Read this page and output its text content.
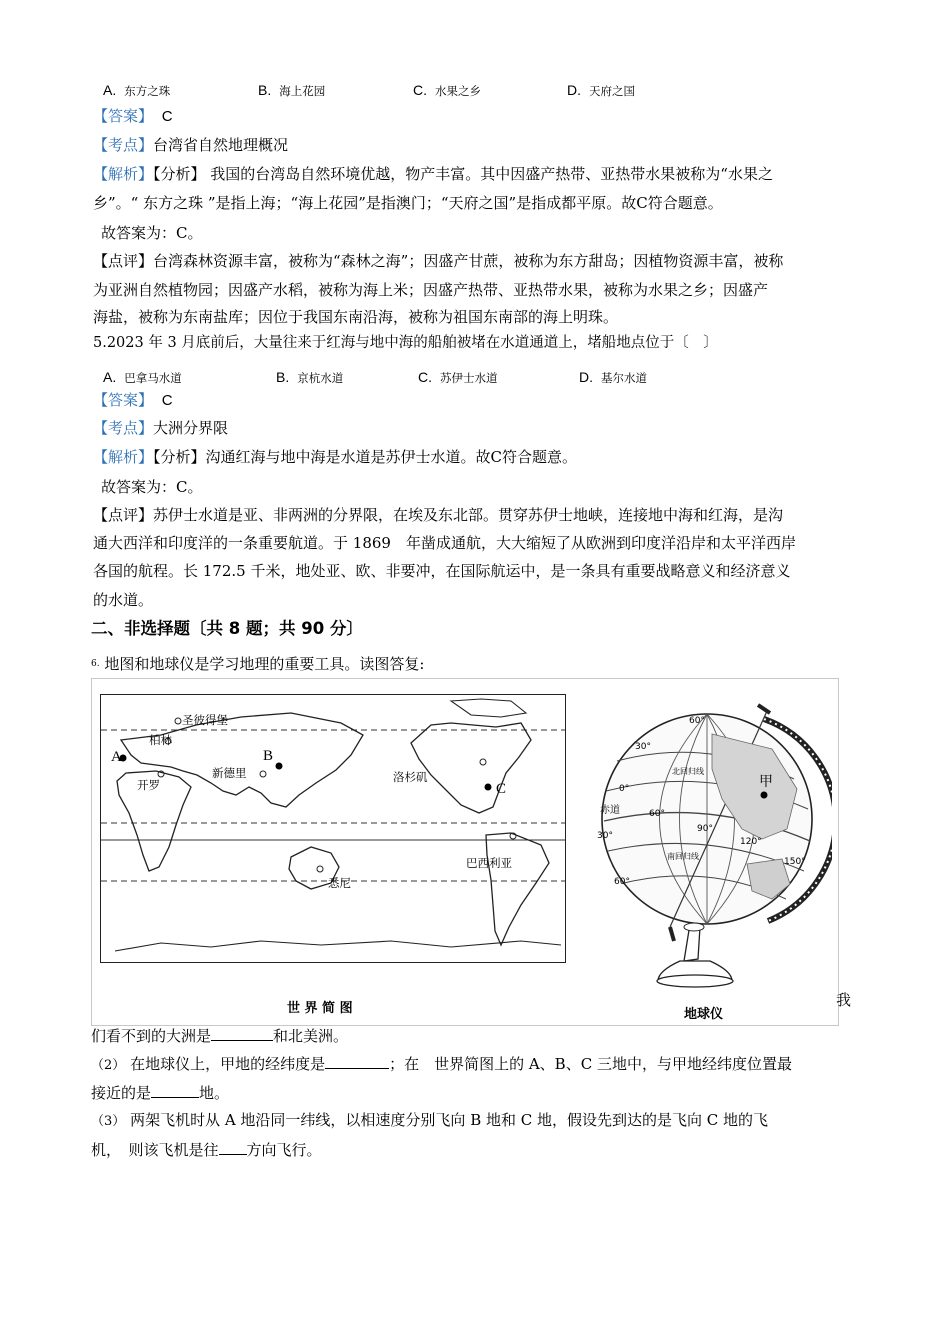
A. 东方之珠	B. 海上花园	C. 水果之乡	D. 天府之国
【答案】 C
【考点】台湾省自然地理概况
【解析】【分析】 我国的台湾岛自然环境优越，物产丰富。其中因盛产热带、亚热带水果被称为“水果之
乡”。“ 东方之珠 ”是指上海；“海上花园”是指澳门；“天府之国”是指成都平原。故C符合题意。
故答案为：C。
【点评】台湾森林资源丰富，被称为“森林之海”；因盛产甘蔗，被称为东方甜岛；因植物资源丰富，被称
为亚洲自然植物园；因盛产水稻，被称为海上米；因盛产热带、亚热带水果，被称为水果之乡；因盛产
海盐，被称为东南盐库；因位于我国东南沿海，被称为祖国东南部的海上明珠。
5.2023 年 3 月底前后，大量往来于红海与地中海的船舶被堵在水道通道上，堵船地点位于〔　〕
A. 巴拿马水道	B. 京杭水道	C. 苏伊士水道	D. 基尔水道
【答案】 C
【考点】大洲分界限
【解析】【分析】沟通红海与地中海是水道是苏伊士水道。故C符合题意。
故答案为：C。
【点评】苏伊士水道是亚、非两洲的分界限，在埃及东北部。贯穿苏伊士地峡，连接地中海和红海，是沟
通大西洋和印度洋的一条重要航道。于 1869　年凿成通航，大大缩短了从欧洲到印度洋沿岸和太平洋西岸
各国的航程。长 172.5 千米，地处亚、欧、非要冲，在国际航运中，是一条具有重要战略意义和经济意义
的水道。
二、非选择题〔共 8 题；共 90 分〕
$^{6.}$ 地图和地球仪是学习地理的重要工具。读图答复:
圣彼得堡
柏林
A
开罗
B
新德里	洛杉矶
C
巴西利亚
悉尼
世 界 简 图
甲
赤道
北回归线
南回归线
60°
30°
0°
30°
60°
60°
90°
120°
150°
地球仪
我
们看不到的大洲是	和北美洲。
（2） 在地球仪上，甲地的经纬度是	；在　世界简图上的 A、B、C 三地中，与甲地经纬度位置最
接近的是	地。
（3） 两架飞机时从 A 地沿同一纬线，以相速度分别飞向 B 地和 C 地，假设先到达的是飞向 C 地的飞
机，　则该飞机是往 方向飞行。
